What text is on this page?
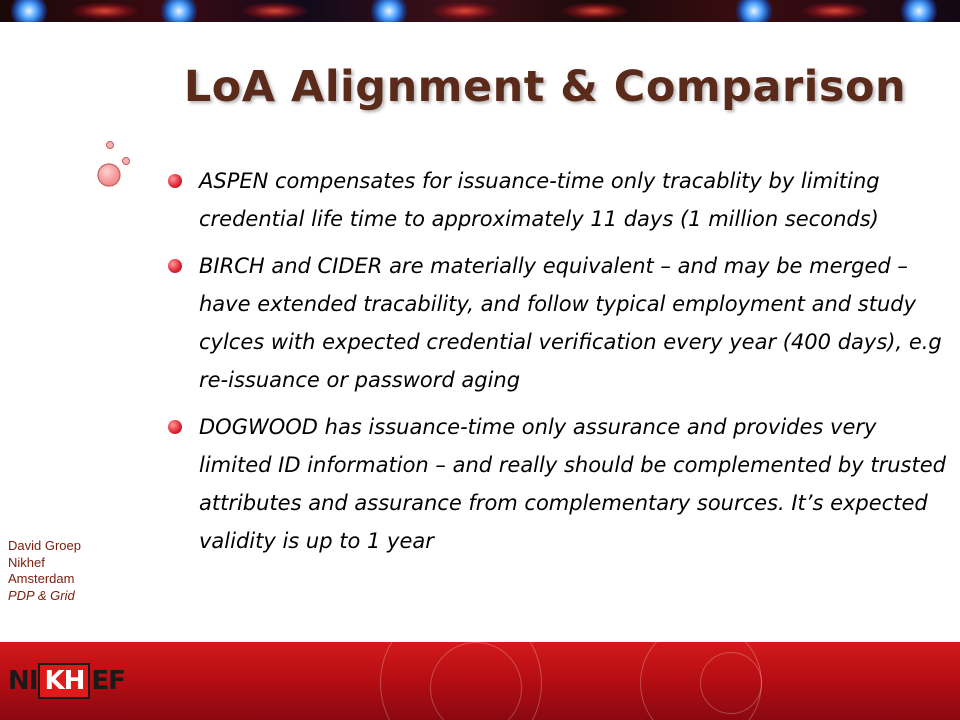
LoA Alignment & Comparison
ASPEN compensates for issuance-time only tracablity by limiting credential life time to approximately 11 days (1 million seconds)
BIRCH and CIDER are materially equivalent – and may be merged – have extended tracability, and follow typical employment and study cylces with expected credential verification every year (400 days), e.g re-issuance or password aging
DOGWOOD has issuance-time only assurance and provides very limited ID information – and really should be complemented by trusted attributes and assurance from complementary sources. It’s expected validity is up to 1 year
David Groep
Nikhef
Amsterdam
PDP & Grid
NI KH EF
